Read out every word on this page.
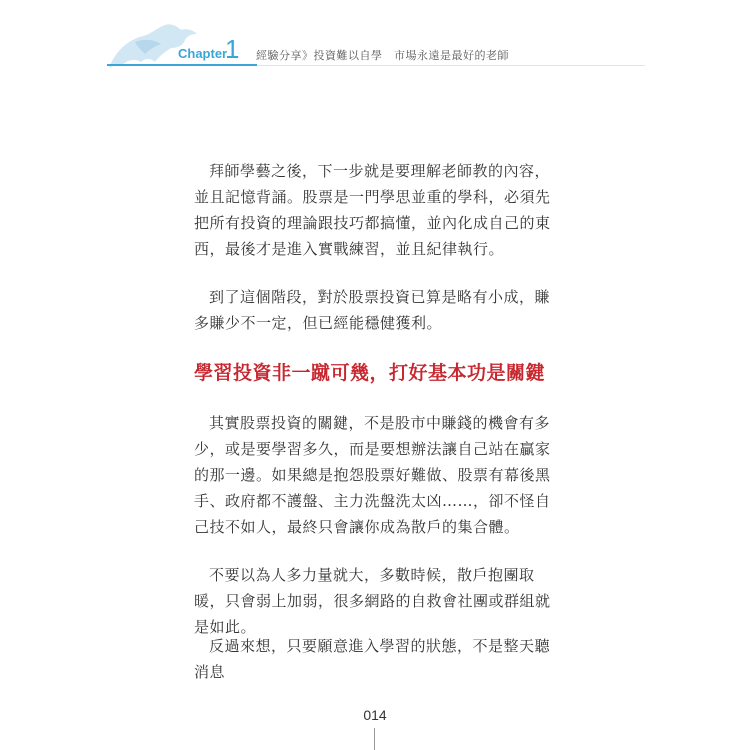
Chapter
1 經驗分享》投資難以自學　市場永遠是最好的老師

拜師學藝之後，下一步就是要理解老師教的內容，並且記憶背誦。股票是一門學思並重的學科，必須先把所有投資的理論跟技巧都搞懂，並內化成自己的東西，最後才是進入實戰練習，並且紀律執行。

到了這個階段，對於股票投資已算是略有小成，賺多賺少不一定，但已經能穩健獲利。

學習投資非一蹴可幾，打好基本功是關鍵

其實股票投資的關鍵，不是股市中賺錢的機會有多少，或是要學習多久，而是要想辦法讓自己站在贏家的那一邊。如果總是抱怨股票好難做、股票有幕後黑手、政府都不護盤、主力洗盤洗太凶……，卻不怪自己技不如人，最終只會讓你成為散戶的集合體。

不要以為人多力量就大，多數時候，散戶抱團取暖，只會弱上加弱，很多網路的自救會社團或群組就是如此。

反過來想，只要願意進入學習的狀態，不是整天聽消息

014
